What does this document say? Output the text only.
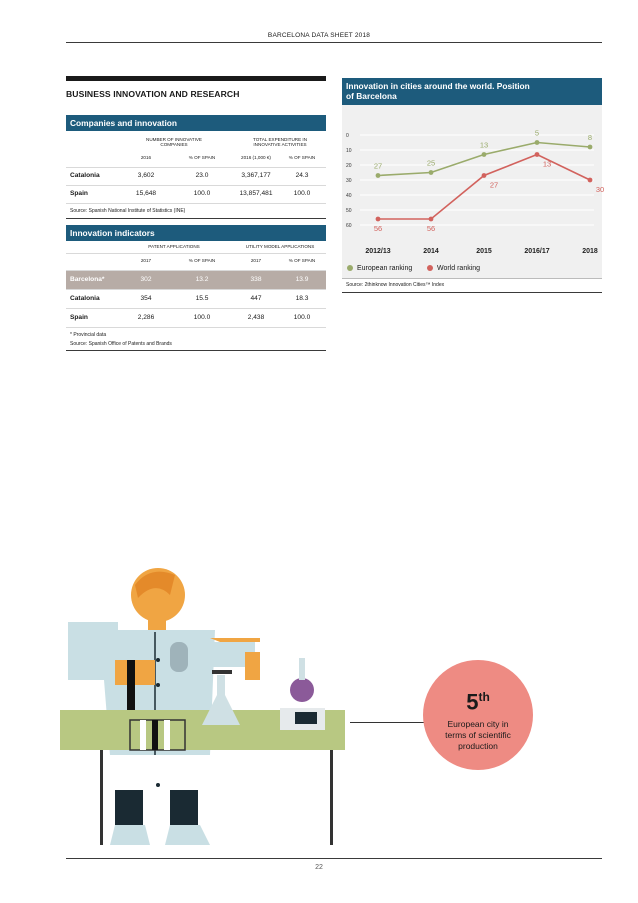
BARCELONA DATA SHEET 2018
BUSINESS INNOVATION AND RESEARCH
Companies and innovation
NUMBER OF INNOVATIVE COMPANIES
TOTAL EXPENDITURE IN INNOVATIVE ACTIVITIES
2016	% OF SPAIN	2016 (1,000 €)	% OF SPAIN
Catalonia	3,602	23.0	3,367,177	24.3
Spain	15,648	100.0	13,857,481	100.0
Source: Spanish National Institute of Statistics (INE)
Innovation indicators
PATENT APPLICATIONS	UTILITY MODEL APPLICATIONS
2017	% OF SPAIN	2017	% OF SPAIN
Barcelona*	302	13.2	338	13.9
Catalonia	354	15.5	447	18.3
Spain	2,286	100.0	2,438	100.0
* Provincial data
Source: Spanish Office of Patents and Brands
Innovation in cities around the world. Position
of Barcelona
0
10
20
30
40
50
60
2012/13	2014	2015	2016/17	2018
27	25
13
5	8
56	56
27
13
30
European ranking	World ranking
Source: 2thinknow Innovation Cities™ Index
5th
European city in
terms of scientific
production
22
